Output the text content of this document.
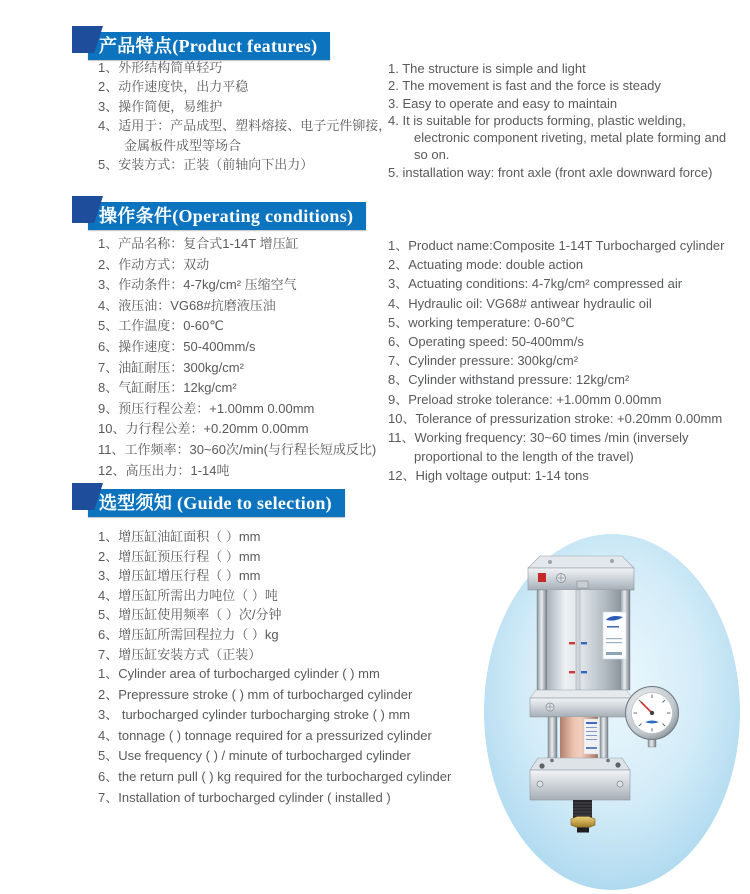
产品特点(Product features)
1、外形结构简单轻巧
2、动作速度快，出力平稳
3、操作简便，易维护
4、适用于：产品成型、塑料熔接、电子元件铆接，金属板件成型等场合
5、安装方式：正装（前轴向下出力）
1. The structure is simple and light
2. The movement is fast and the force is steady
3. Easy to operate and easy to maintain
4. It is suitable for products forming, plastic welding, electronic component riveting, metal plate forming and so on.
5. installation way: front axle (front axle downward force)
操作条件(Operating conditions)
1、产品名称：复合式1-14T 增压缸
2、作动方式：双动
3、作动条件：4-7kg/cm² 压缩空气
4、液压油：VG68#抗磨液压油
5、工作温度：0-60℃
6、操作速度：50-400mm/s
7、油缸耐压：300kg/cm²
8、气缸耐压：12kg/cm²
9、预压行程公差：+1.00mm 0.00mm
10、力行程公差：+0.20mm 0.00mm
11、工作频率：30~60次/min(与行程长短成反比)
12、高压出力：1-14吨
1、Product name:Composite 1-14T Turbocharged cylinder
2、Actuating mode: double action
3、Actuating conditions: 4-7kg/cm² compressed air
4、Hydraulic oil: VG68# antiwear hydraulic oil
5、working temperature: 0-60℃
6、Operating speed: 50-400mm/s
7、Cylinder pressure: 300kg/cm²
8、Cylinder withstand pressure: 12kg/cm²
9、Preload stroke tolerance: +1.00mm 0.00mm
10、Tolerance of pressurization stroke: +0.20mm 0.00mm
11、Working frequency: 30~60 times /min (inversely proportional to the length of the travel)
12、High voltage output: 1-14 tons
选型须知 (Guide to selection)
1、增压缸油缸面积（ ）mm
2、增压缸预压行程（ ）mm
3、增压缸增压行程（ ）mm
4、增压缸所需出力吨位（ ）吨
5、增压缸使用频率（ ）次/分钟
6、增压缸所需回程拉力（ ）kg
7、增压缸安装方式（正装）
1、Cylinder area of turbocharged cylinder ( ) mm
2、Prepressure stroke ( ) mm of turbocharged cylinder
3、 turbocharged cylinder turbocharging stroke ( ) mm
4、tonnage ( ) tonnage required for a pressurized cylinder
5、Use frequency ( ) / minute of turbocharged cylinder
6、the return pull ( ) kg required for the turbocharged cylinder
7、Installation of turbocharged cylinder ( installed )
